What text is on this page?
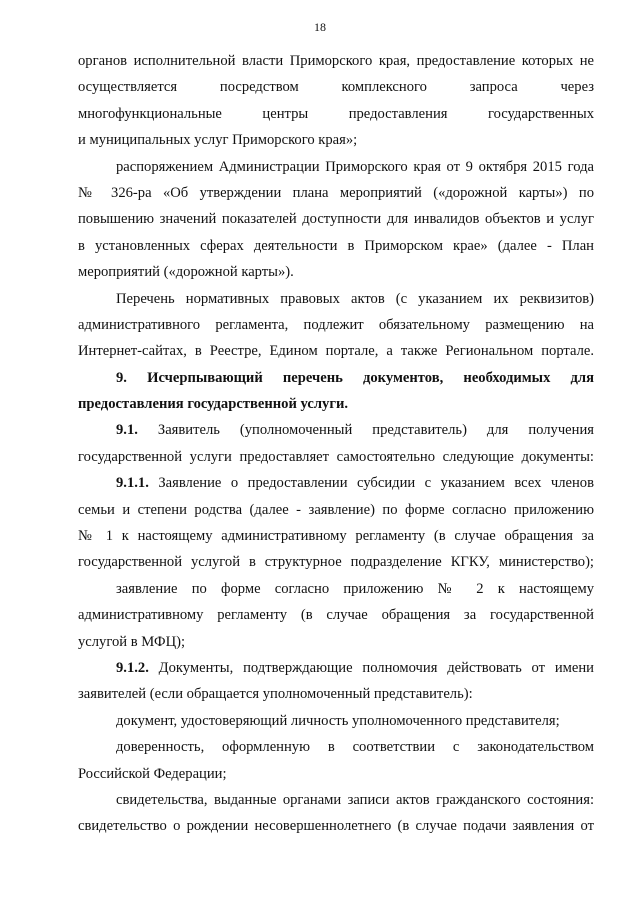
18
органов исполнительной власти Приморского края, предоставление которых не
осуществляется посредством комплексного запроса через
многофункциональные центры предоставления государственных
и муниципальных услуг Приморского края»;
распоряжением Администрации Приморского края от 9 октября 2015 года
№ 326-ра «Об утверждении плана мероприятий («дорожной карты») по
повышению значений показателей доступности для инвалидов объектов и услуг
в установленных сферах деятельности в Приморском крае» (далее - План
мероприятий («дорожной карты»).
Перечень нормативных правовых актов (с указанием их реквизитов)
административного регламента, подлежит обязательному размещению на
Интернет-сайтах, в Реестре, Едином портале, а также Региональном портале.
9. Исчерпывающий перечень документов, необходимых для
предоставления государственной услуги.
9.1. Заявитель (уполномоченный представитель) для получения
государственной услуги предоставляет самостоятельно следующие документы:
9.1.1. Заявление о предоставлении субсидии с указанием всех членов
семьи и степени родства (далее - заявление) по форме согласно приложению
№ 1 к настоящему административному регламенту (в случае обращения за
государственной услугой в структурное подразделение КГКУ, министерство);
заявление по форме согласно приложению № 2 к настоящему
административному регламенту (в случае обращения за государственной
услугой в МФЦ);
9.1.2. Документы, подтверждающие полномочия действовать от имени
заявителей (если обращается уполномоченный представитель):
документ, удостоверяющий личность уполномоченного представителя;
доверенность, оформленную в соответствии с законодательством
Российской Федерации;
свидетельства, выданные органами записи актов гражданского состояния:
свидетельство о рождении несовершеннолетнего (в случае подачи заявления от
